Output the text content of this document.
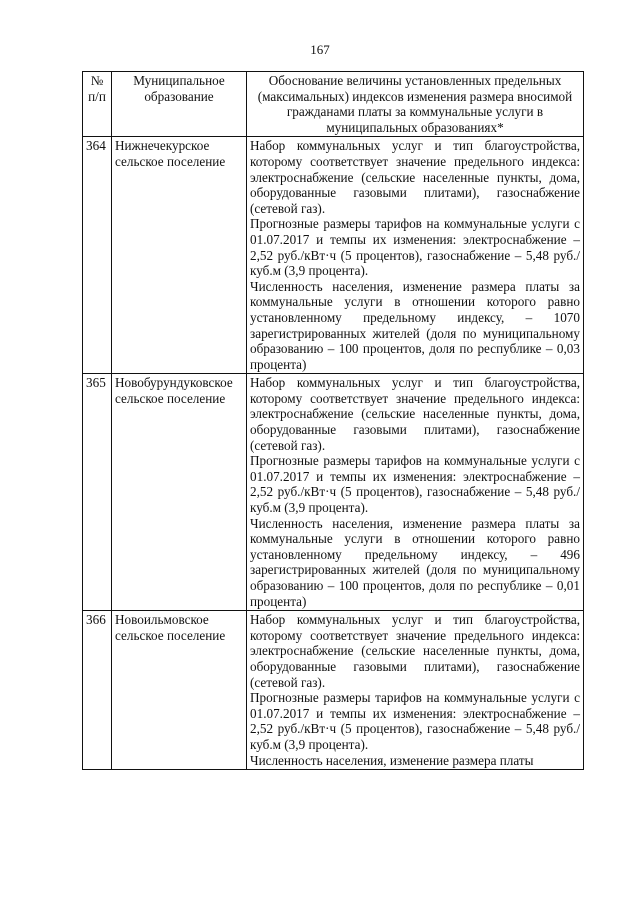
167
№ п/п	Муниципальное образование	Обоснование величины установленных предельных (максимальных) индексов изменения размера вносимой гражданами платы за коммунальные услуги в муниципальных образованиях*
364	Нижнечекурское сельское поселение	Набор коммунальных услуг и тип благоустройства, которому соответствует значение предельного индекса: электроснабжение (сельские населенные пункты, дома, оборудованные газовыми плитами), газоснабжение (сетевой газ).

Прогнозные размеры тарифов на коммунальные услуги с 01.07.2017 и темпы их изменения: электроснабжение – 2,52 руб./кВт·ч (5 процентов), газоснабжение – 5,48 руб./куб.м (3,9 процента).

Численность населения, изменение размера платы за коммунальные услуги в отношении которого равно установленному предельному индексу, – 1070 зарегистрированных жителей (доля по муниципальному образованию – 100 процентов, доля по республике – 0,03 процента)

365	Новобурундуковское сельское поселение	Набор коммунальных услуг и тип благоустройства, которому соответствует значение предельного индекса: электроснабжение (сельские населенные пункты, дома, оборудованные газовыми плитами), газоснабжение (сетевой газ).

Прогнозные размеры тарифов на коммунальные услуги с 01.07.2017 и темпы их изменения: электроснабжение – 2,52 руб./кВт·ч (5 процентов), газоснабжение – 5,48 руб./куб.м (3,9 процента).

Численность населения, изменение размера платы за коммунальные услуги в отношении которого равно установленному предельному индексу, – 496 зарегистрированных жителей (доля по муниципальному образованию – 100 процентов, доля по республике – 0,01 процента)

366	Новоильмовское сельское поселение	Набор коммунальных услуг и тип благоустройства, которому соответствует значение предельного индекса: электроснабжение (сельские населенные пункты, дома, оборудованные газовыми плитами), газоснабжение (сетевой газ).

Прогнозные размеры тарифов на коммунальные услуги с 01.07.2017 и темпы их изменения: электроснабжение – 2,52 руб./кВт·ч (5 процентов), газоснабжение – 5,48 руб./куб.м (3,9 процента).

Численность населения, изменение размера платы
